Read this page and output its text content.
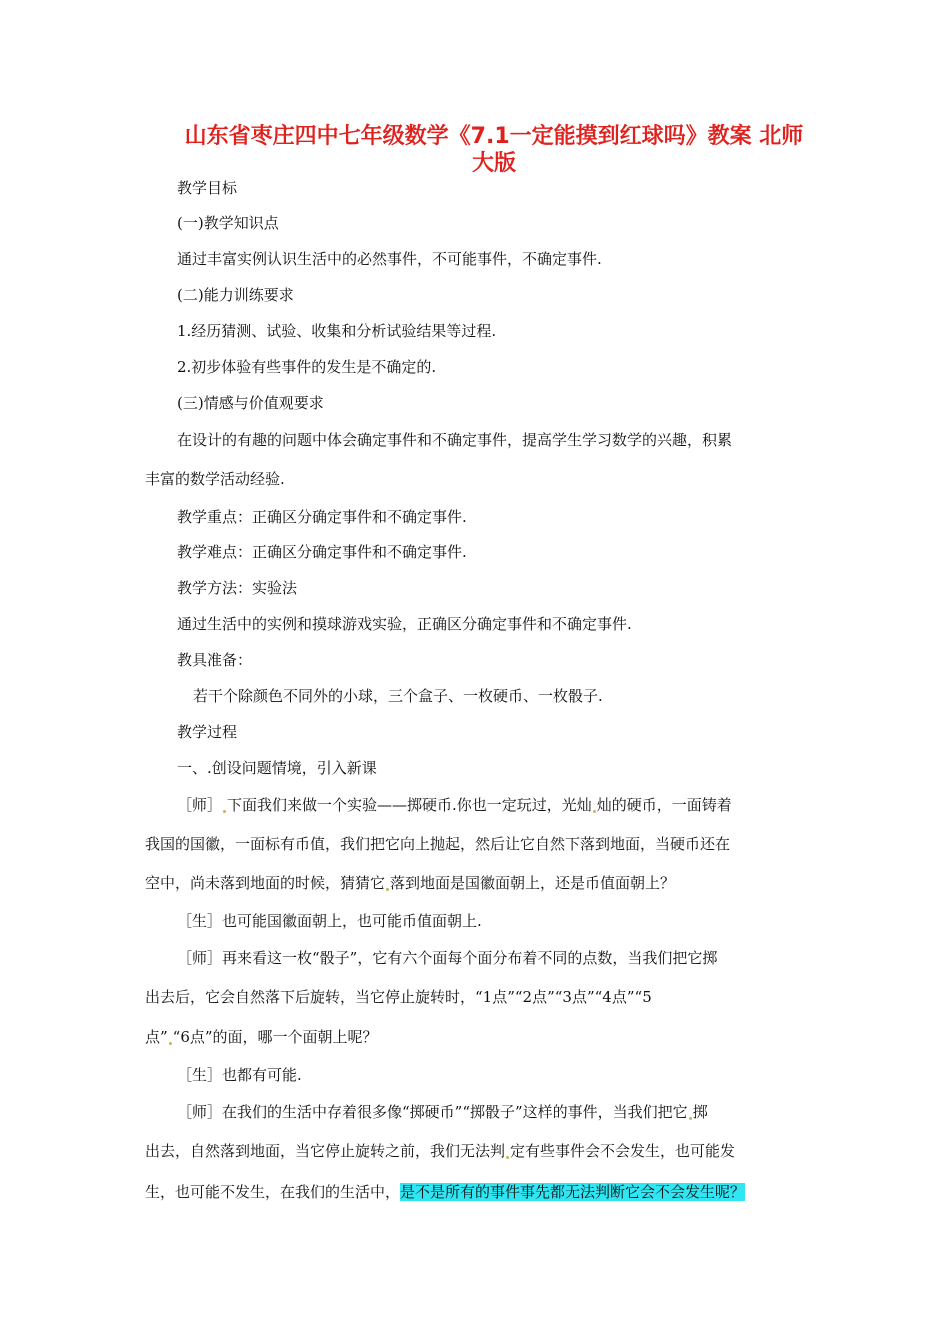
山东省枣庄四中七年级数学《7.1一定能摸到红球吗》教案 北师
大版

教学目标

(一)教学知识点

通过丰富实例认识生活中的必然事件，不可能事件，不确定事件.

(二)能力训练要求

1.经历猜测、试验、收集和分析试验结果等过程.

2.初步体验有些事件的发生是不确定的.

(三)情感与价值观要求

在设计的有趣的问题中体会确定事件和不确定事件，提高学生学习数学的兴趣，积累

丰富的数学活动经验.

教学重点：正确区分确定事件和不确定事件.

教学难点：正确区分确定事件和不确定事件.

教学方法：实验法

通过生活中的实例和摸球游戏实验，正确区分确定事件和不确定事件.

教具准备：

若干个除颜色不同外的小球，三个盒子、一枚硬币、一枚骰子.

教学过程

一、.创设问题情境，引入新课

［师］ 下面我们来做一个实验——掷硬币.你也一定玩过，光灿 灿的硬币，一面铸着

我国的国徽，一面标有币值，我们把它向上抛起，然后让它自然下落到地面，当硬币还在

空中，尚未落到地面的时候，猜猜它 落到地面是国徽面朝上，还是币值面朝上？

［生］也可能国徽面朝上，也可能币值面朝上.

［师］再来看这一枚“骰子”，它有六个面每个面分布着不同的点数，当我们把它掷

出去后，它会自然落下后旋转，当它停止旋转时，“1点”“2点”“3点”“4点”“5

点” “6点”的面，哪一个面朝上呢？

［生］也都有可能.

［师］在我们的生活中存着很多像“掷硬币”“掷骰子”这样的事件，当我们把它 掷

出去，自然落到地面，当它停止旋转之前，我们无法判 定有些事件会不会发生，也可能发

生，也可能不发生，在我们的生活中，是不是所有的事件事先都无法判断它会不会发生呢？
